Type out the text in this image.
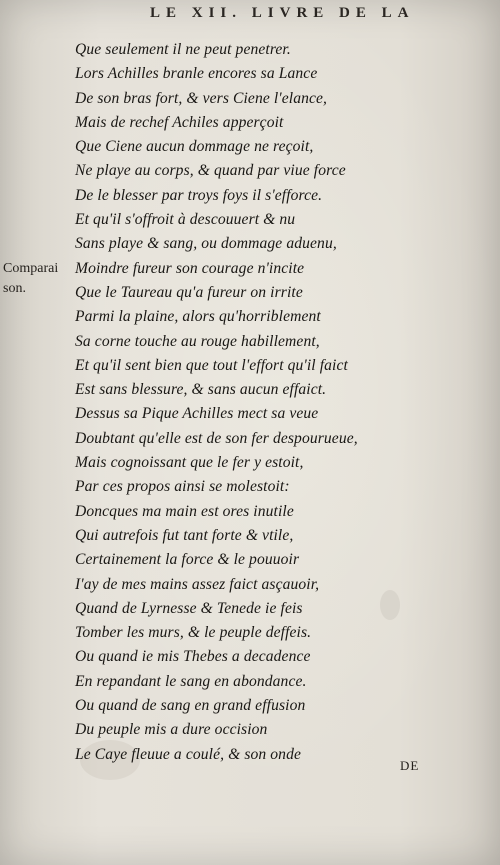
LE XII. LIVRE DE LA
Comparai
son.
Que seulement il ne peut penetrer.
Lors Achilles branle encores sa Lance
De son bras fort, & vers Ciene l'elance,
Mais de rechef Achiles apperçoit
Que Ciene aucun dommage ne reçoit,
Ne playe au corps, & quand par viue force
De le blesser par troys foys il s'efforce.
Et qu'il s'offroit à descouuert & nu
Sans playe & sang, ou dommage aduenu,
Moindre fureur son courage n'incite
Que le Taureau qu'a fureur on irrite
Parmi la plaine, alors qu'horriblement
Sa corne touche au rouge habillement,
Et qu'il sent bien que tout l'effort qu'il faict
Est sans blessure, & sans aucun effaict.
Dessus sa Pique Achilles mect sa veue
Doubtant qu'elle est de son fer despourueue,
Mais cognoissant que le fer y estoit,
Par ces propos ainsi se molestoit:
Doncques ma main est ores inutile
Qui autrefois fut tant forte & vtile,
Certainement la force & le pouuoir
I'ay de mes mains assez faict asçauoir,
Quand de Lyrnesse & Tenede ie feis
Tomber les murs, & le peuple deffeis.
Ou quand ie mis Thebes a decadence
En repandant le sang en abondance.
Ou quand de sang en grand effusion
Du peuple mis a dure occision
Le Caye fleuue a coulé, & son onde
DE
